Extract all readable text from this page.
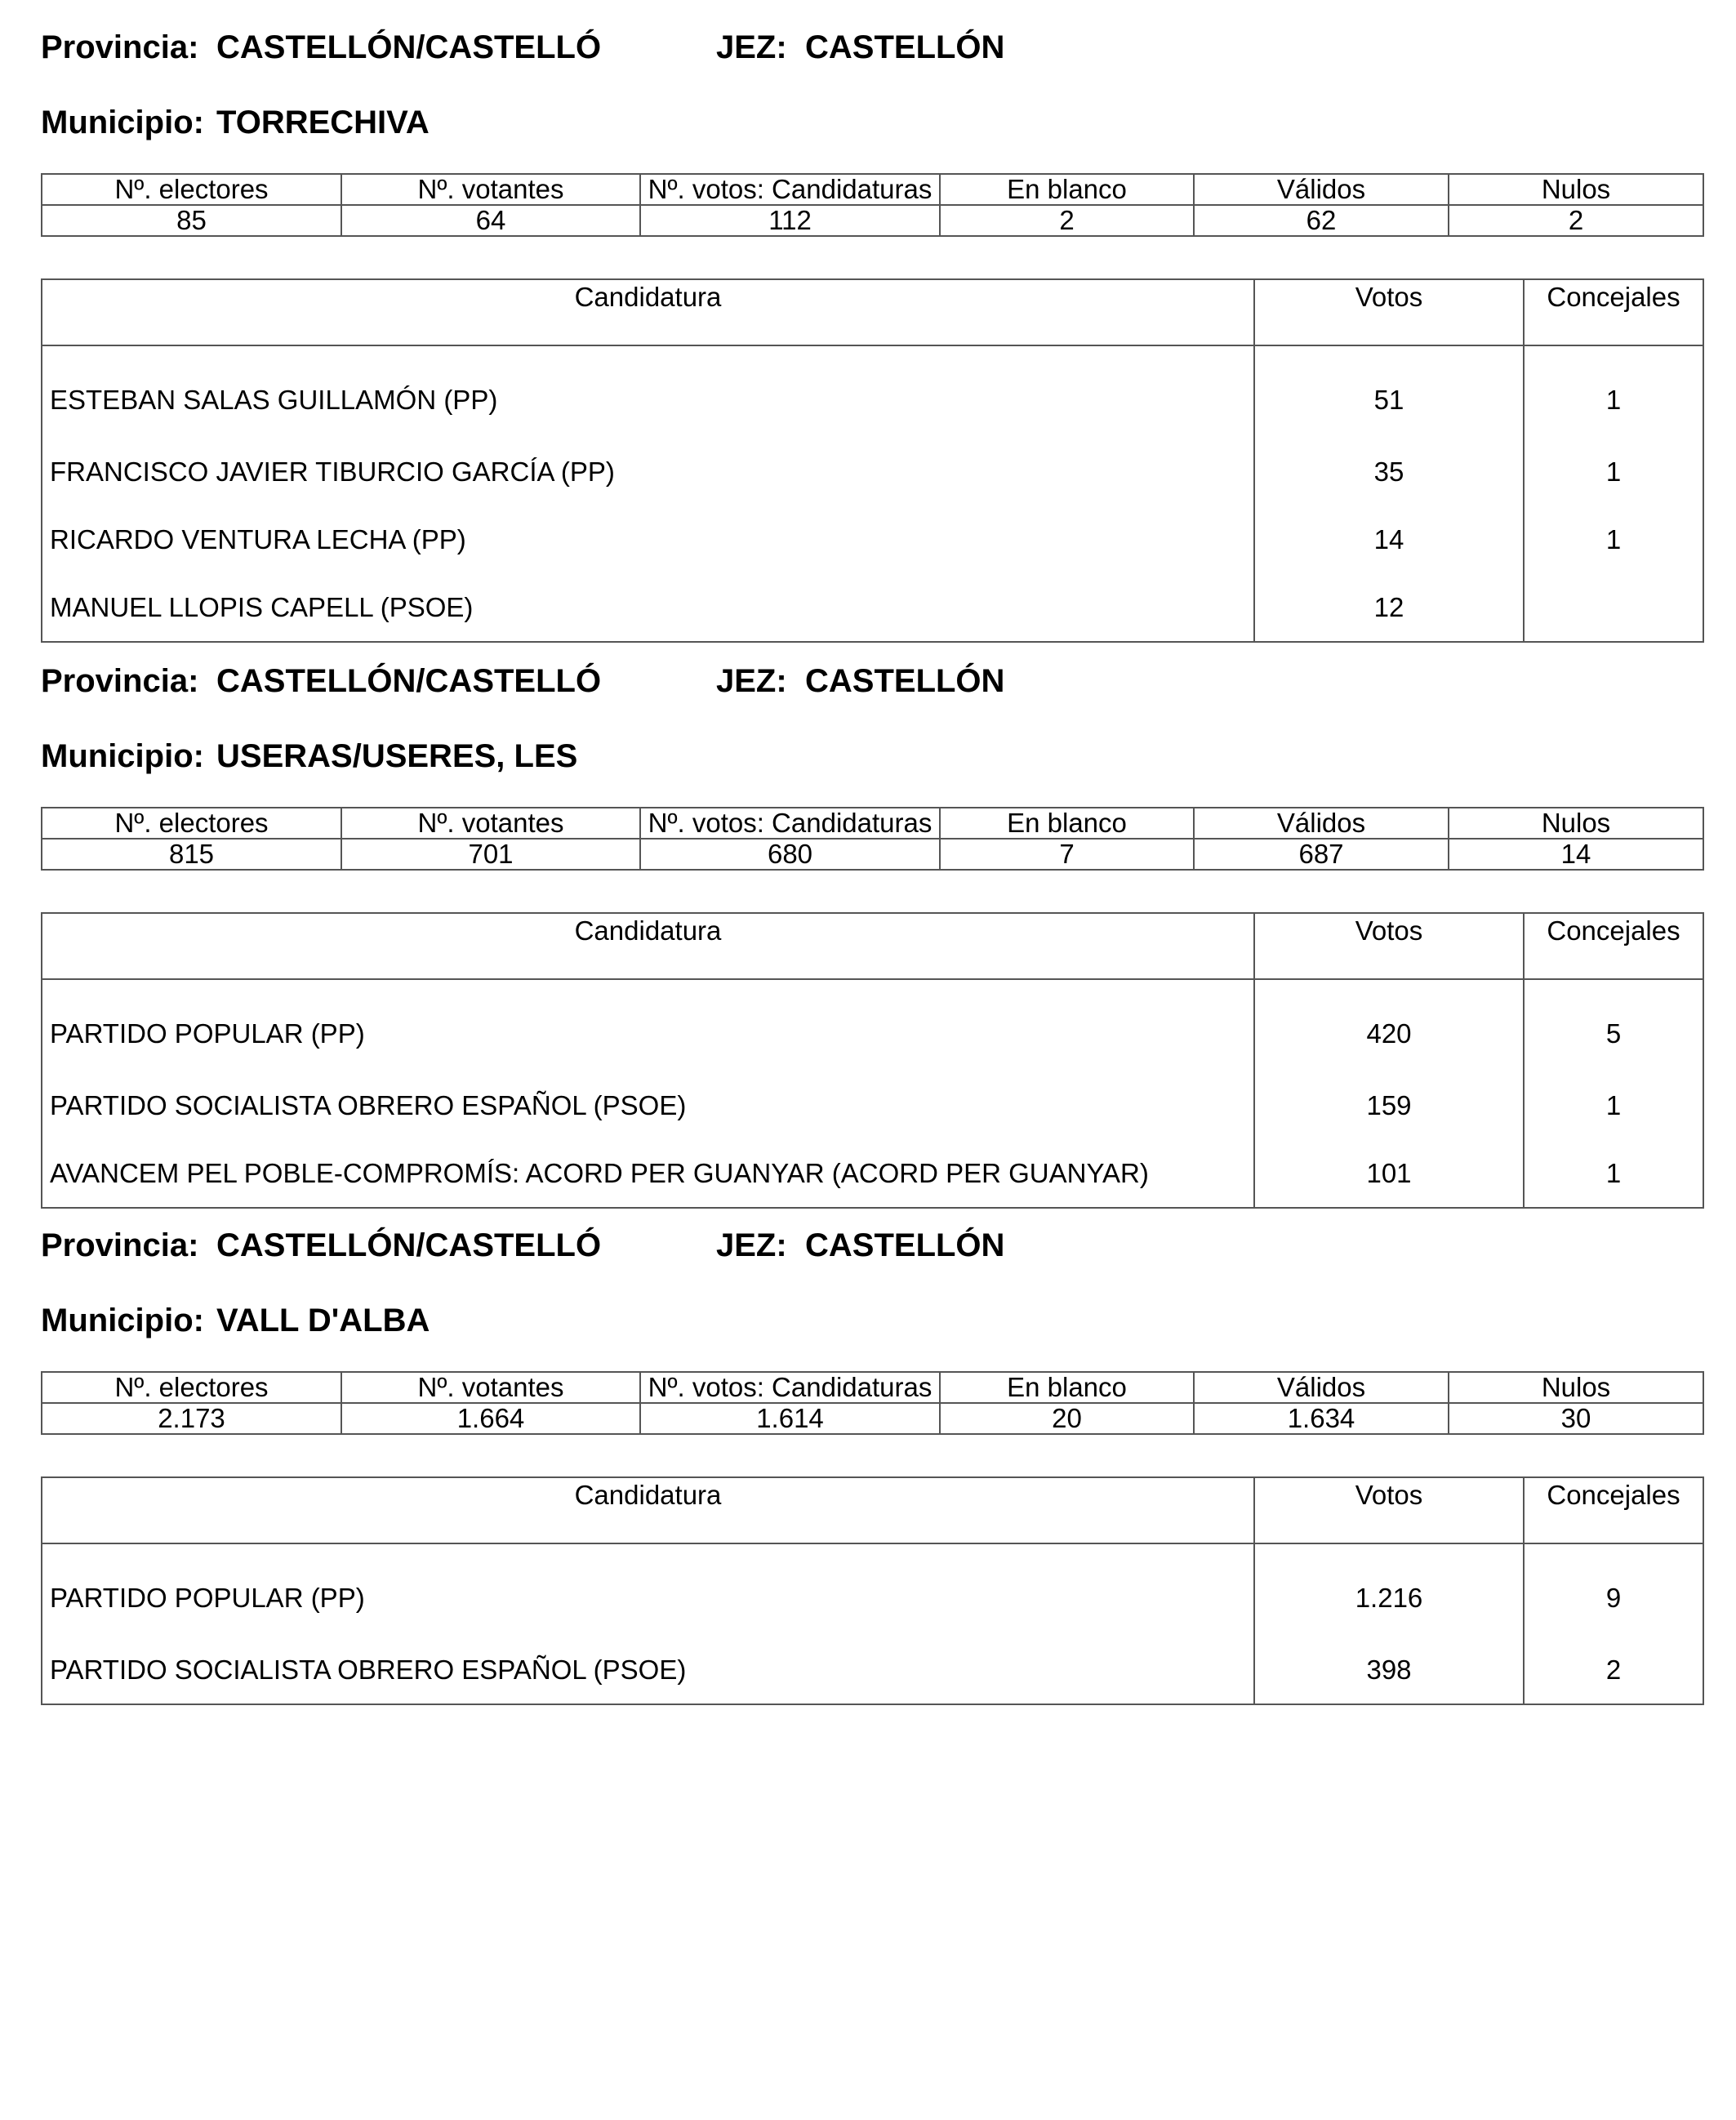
Provincia: CASTELLÓN/CASTELLÓ	JEZ: CASTELLÓN
Municipio: TORRECHIVA
Nº. electores	Nº. votantes	Nº. votos: Candidaturas	En blanco	Válidos	Nulos
85	64	112	2	62	2
Candidatura	Votos	Concejales
ESTEBAN SALAS GUILLAMÓN (PP)	51	1
FRANCISCO JAVIER TIBURCIO GARCÍA (PP)	35	1
RICARDO VENTURA LECHA (PP)	14	1
MANUEL LLOPIS CAPELL (PSOE)	12	
Provincia: CASTELLÓN/CASTELLÓ	JEZ: CASTELLÓN
Municipio: USERAS/USERES, LES
Nº. electores	Nº. votantes	Nº. votos: Candidaturas	En blanco	Válidos	Nulos
815	701	680	7	687	14
Candidatura	Votos	Concejales
PARTIDO POPULAR (PP)	420	5
PARTIDO SOCIALISTA OBRERO ESPAÑOL (PSOE)	159	1
AVANCEM PEL POBLE-COMPROMÍS: ACORD PER GUANYAR (ACORD PER GUANYAR)	101	1
Provincia: CASTELLÓN/CASTELLÓ	JEZ: CASTELLÓN
Municipio: VALL D'ALBA
Nº. electores	Nº. votantes	Nº. votos: Candidaturas	En blanco	Válidos	Nulos
2.173	1.664	1.614	20	1.634	30
Candidatura	Votos	Concejales
PARTIDO POPULAR (PP)	1.216	9
PARTIDO SOCIALISTA OBRERO ESPAÑOL (PSOE)	398	2
